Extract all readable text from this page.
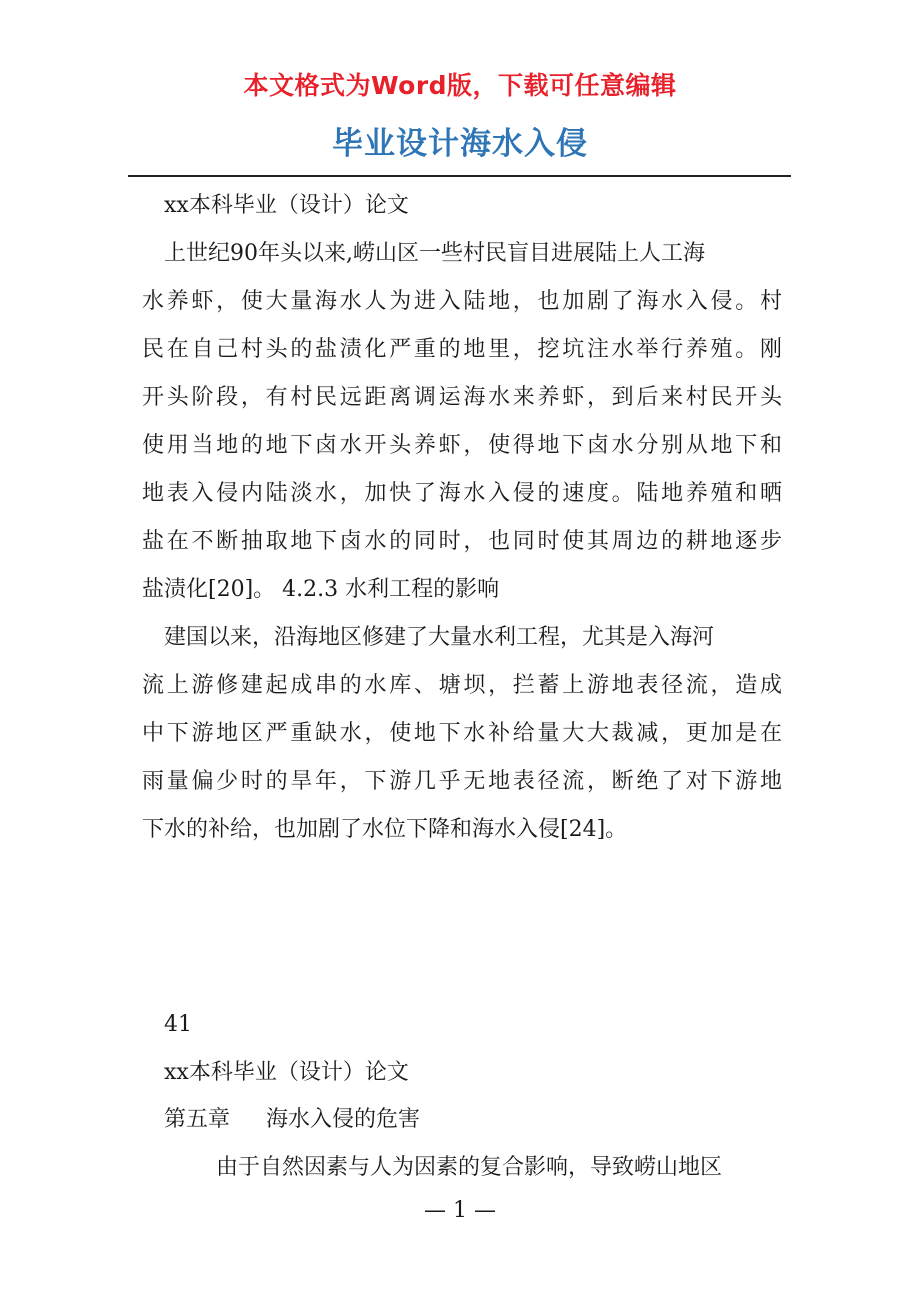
本文格式为Word版，下载可任意编辑
毕业设计海水入侵
xx本科毕业（设计）论文
上世纪90年头以来,崂山区一些村民盲目进展陆上人工海
水养虾，使大量海水人为进入陆地，也加剧了海水入侵。村
民在自己村头的盐渍化严重的地里，挖坑注水举行养殖。刚
开头阶段，有村民远距离调运海水来养虾，到后来村民开头
使用当地的地下卤水开头养虾，使得地下卤水分别从地下和
地表入侵内陆淡水，加快了海水入侵的速度。陆地养殖和晒
盐在不断抽取地下卤水的同时，也同时使其周边的耕地逐步
盐渍化[20]。 4.2.3 水利工程的影响
建国以来，沿海地区修建了大量水利工程，尤其是入海河
流上游修建起成串的水库、塘坝，拦蓄上游地表径流，造成
中下游地区严重缺水，使地下水补给量大大裁减，更加是在
雨量偏少时的旱年，下游几乎无地表径流，断绝了对下游地
下水的补给，也加剧了水位下降和海水入侵[24]。
41
xx本科毕业（设计）论文
第五章 海水入侵的危害
由于自然因素与人为因素的复合影响，导致崂山地区
— 1 —
